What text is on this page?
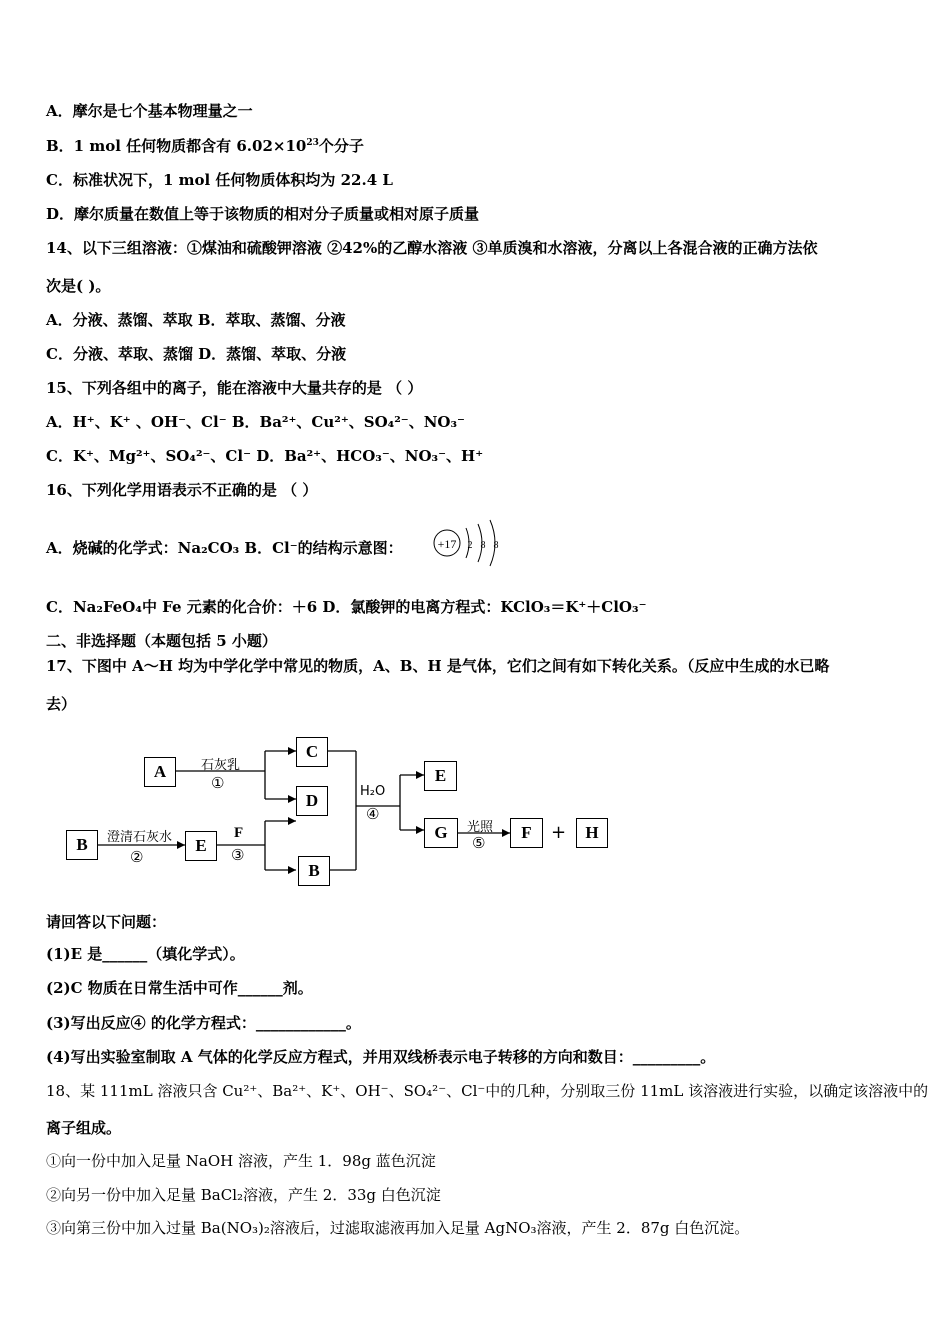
A．摩尔是七个基本物理量之一
B．1 mol 任何物质都含有 $6.02\times 10^{23}$个分子
C．标准状况下，1 mol 任何物质体积均为 22.4 L
D．摩尔质量在数值上等于该物质的相对分子质量或相对原子质量
14、以下三组溶液：①煤油和硫酸钾溶液 ②42%的乙醇水溶液 ③单质溴和水溶液，分离以上各混合液的正确方法依
次是( )。
A．分液、蒸馏、萃取 B．萃取、蒸馏、分液
C．分液、萃取、蒸馏 D．蒸馏、萃取、分液
15、下列各组中的离子，能在溶液中大量共存的是 （ ）
A．H⁺、K⁺ 、OH⁻、Cl⁻ B．Ba²⁺、Cu²⁺、SO₄²⁻、NO₃⁻
C．K⁺、Mg²⁺、SO₄²⁻、Cl⁻ D．Ba²⁺、HCO₃⁻、NO₃⁻、H⁺
16、下列化学用语表示不正确的是 （ ）
A．烧碱的化学式：Na₂CO₃ B．Cl⁻的结构示意图：	+17 2 8 8
C．Na₂FeO₄中 Fe 元素的化合价：＋6 D．氯酸钾的电离方程式：KClO₃＝K⁺＋ClO₃⁻
二、非选择题（本题包括 5 小题）
17、下图中 A～H 均为中学化学中常见的物质，A、B、H 是气体，它们之间有如下转化关系。（反应中生成的水已略
去）
A
B	E
C
D
B
E
G	F	H
石灰乳
①
澄清石灰水
②
F
③
H₂O
④
光照
⑤	+
请回答以下问题：
(1)E 是______（填化学式）。
(2)C 物质在日常生活中可作______剂。
(3)写出反应④ 的化学方程式：____________。
(4)写出实验室制取 A 气体的化学反应方程式，并用双线桥表示电子转移的方向和数目：_________。
18、某 111mL 溶液只含 Cu²⁺、Ba²⁺、K⁺、OH⁻、SO₄²⁻、Cl⁻中的几种，分别取三份 11mL 该溶液进行实验，以确定该溶液中的
离子组成。
①向一份中加入足量 NaOH 溶液，产生 1．98g 蓝色沉淀
②向另一份中加入足量 BaCl₂溶液，产生 2．33g 白色沉淀
③向第三份中加入过量 Ba(NO₃)₂溶液后，过滤取滤液再加入足量 AgNO₃溶液，产生 2．87g 白色沉淀。
